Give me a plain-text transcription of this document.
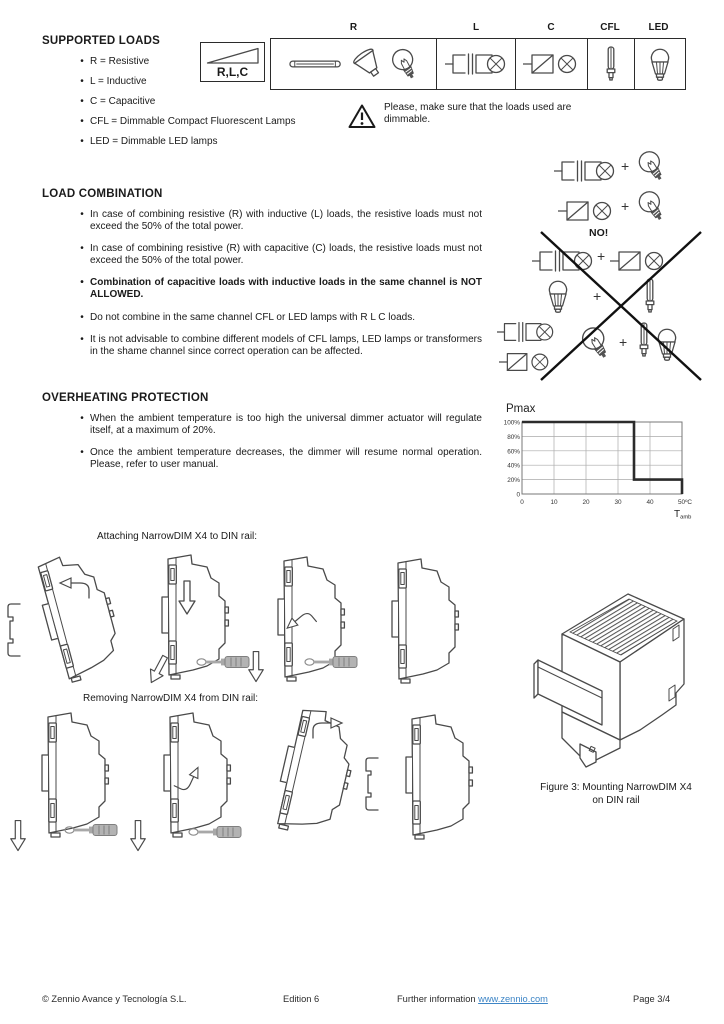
SUPPORTED LOADS
•
R = Resistive
•
L = Inductive
•
C = Capacitive
•
CFL = Dimmable Compact Fluorescent Lamps
•
LED = Dimmable LED lamps
R,L,C
R	L	C	CFL	LED
Please, make sure that the loads used are dimmable.
LOAD COMBINATION
•
In case of combining resistive (R) with inductive (L) loads, the resistive loads must not exceed the 50% of the total power.
•
In case of combining resistive (R) with capacitive (C) loads, the resistive loads must not exceed the 50% of the total power.
•
Combination of capacitive loads with inductive loads in the same channel is NOT ALLOWED.
•
Do not combine in the same channel CFL or LED lamps with R L C loads.
•
It is not advisable to combine different models of CFL lamps, LED lamps or transformers in the shame channel since correct operation can be affected.
+
+
NO!
+
+
+
OVERHEATING PROTECTION
•
When the ambient temperature is too high the universal dimmer actuator will regulate itself, at a maximum of 20%.
•
Once the ambient temperature decreases, the dimmer will resume normal operation. Please, refer to user manual.
Pmax
100%
80%
60%
40%
20%
0
0	10	20	30	40	50ºC
Tamb
Attaching NarrowDIM X4 to DIN rail:
Removing NarrowDIM X4 from DIN rail:
Figure 3: Mounting NarrowDIM X4
on DIN rail
© Zennio Avance y Tecnología S.L.	Edition 6	Further information www.zennio.com	Page 3/4
